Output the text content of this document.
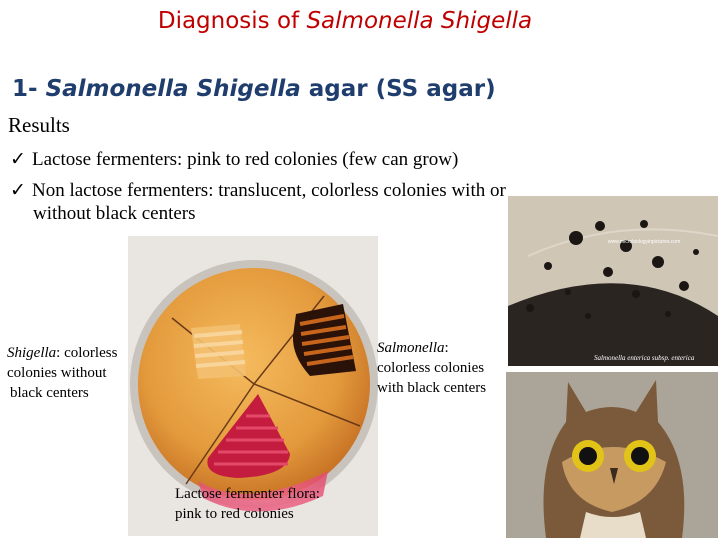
Diagnosis of Salmonella Shigella
1- Salmonella Shigella agar (SS agar)
Results
✓ Lactose fermenters: pink to red colonies (few can grow)
✓ Non lactose fermenters: translucent, colorless colonies with or
without black centers
www.microbiologyinpictures.com
Salmonella enterica subsp. enterica
Shigella: colorless colonies without
black centers
Salmonella: colorless colonies with black centers
Lactose fermenter flora: pink to red colonies
